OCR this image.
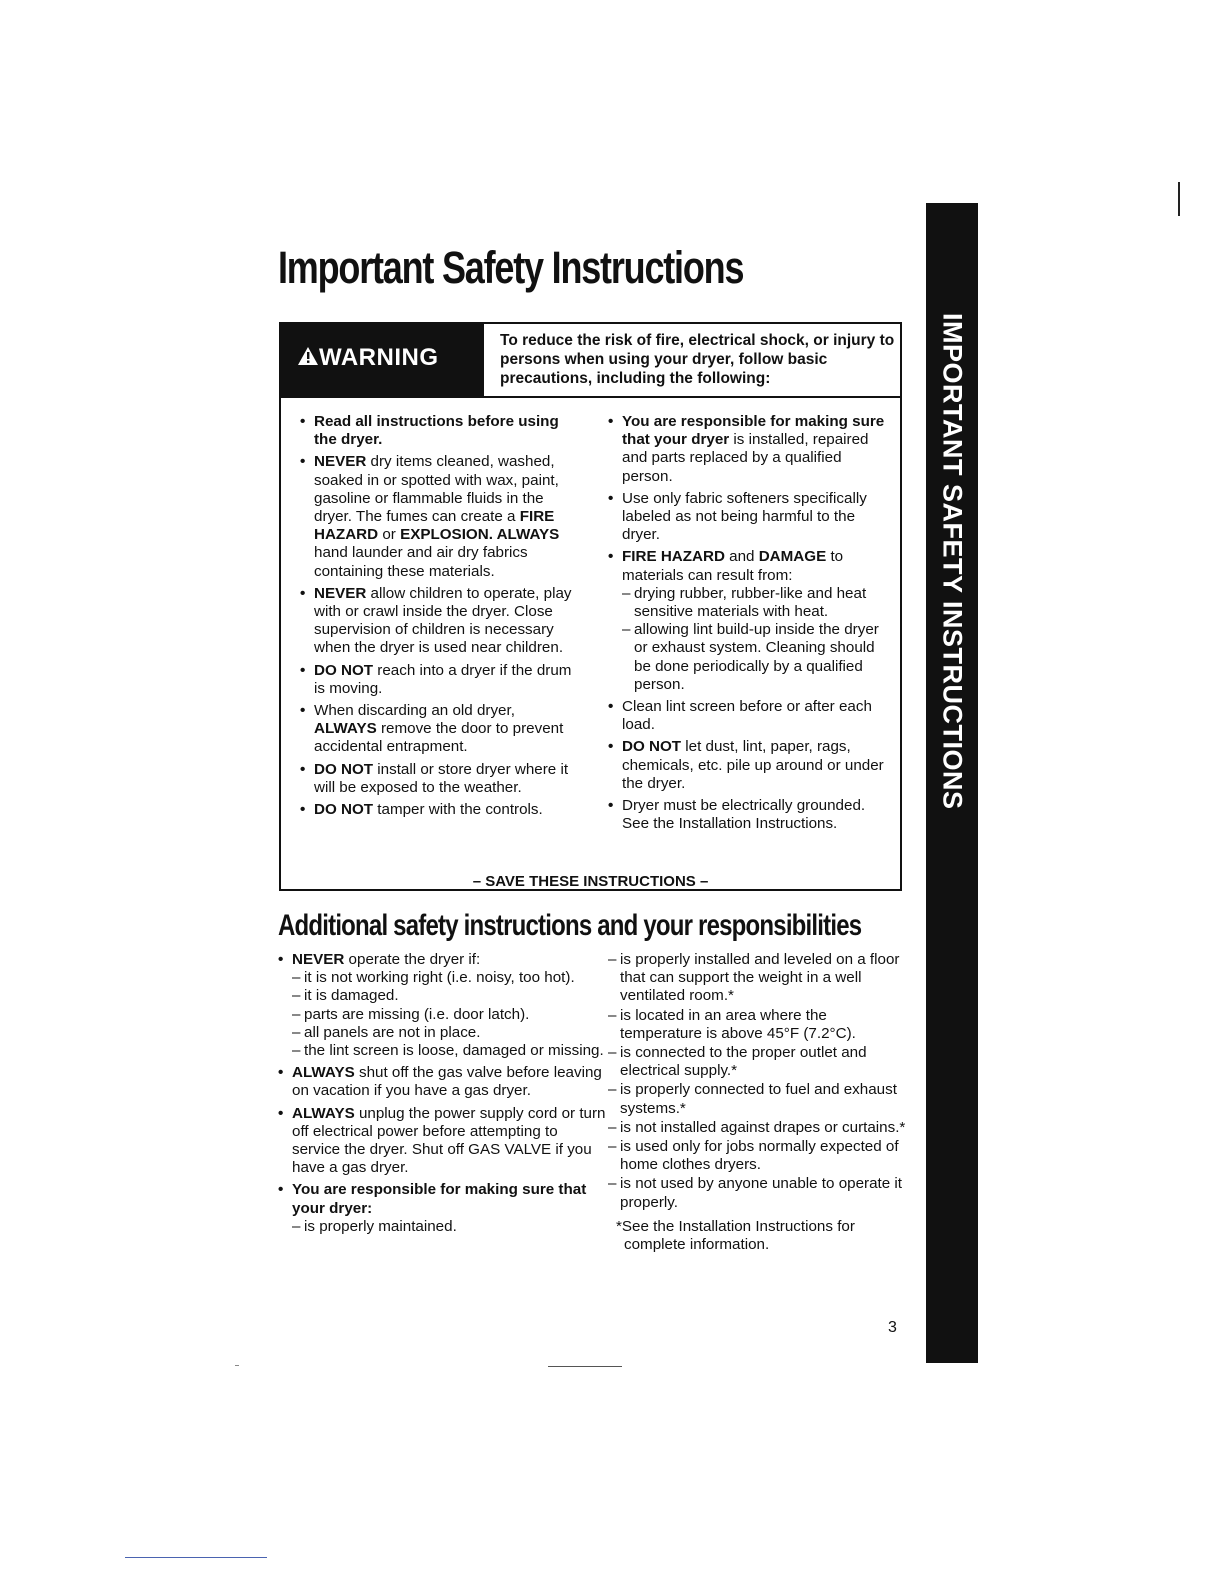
Important Safety Instructions
IMPORTANT SAFETY INSTRUCTIONS
WARNING

To reduce the risk of fire, electrical shock, or injury to persons when using your dryer, follow basic precautions, including the following:

• Read all instructions before using the dryer.
• NEVER dry items cleaned, washed, soaked in or spotted with wax, paint, gasoline or flammable fluids in the dryer. The fumes can create a FIRE HAZARD or EXPLOSION. ALWAYS hand launder and air dry fabrics containing these materials.
• NEVER allow children to operate, play with or crawl inside the dryer. Close supervision of children is necessary when the dryer is used near children.
• DO NOT reach into a dryer if the drum is moving.
• When discarding an old dryer, ALWAYS remove the door to prevent accidental entrapment.
• DO NOT install or store dryer where it will be exposed to the weather.
• DO NOT tamper with the controls.
• You are responsible for making sure that your dryer is installed, repaired and parts replaced by a qualified person.
• Use only fabric softeners specifically labeled as not being harmful to the dryer.
• FIRE HAZARD and DAMAGE to materials can result from:
– drying rubber, rubber-like and heat sensitive materials with heat.
– allowing lint build-up inside the dryer or exhaust system. Cleaning should be done periodically by a qualified person.
• Clean lint screen before or after each load.
• DO NOT let dust, lint, paper, rags, chemicals, etc. pile up around or under the dryer.
• Dryer must be electrically grounded. See the Installation Instructions.

– SAVE THESE INSTRUCTIONS –

Additional safety instructions and your responsibilities
• NEVER operate the dryer if:
– it is not working right (i.e. noisy, too hot).
– it is damaged.
– parts are missing (i.e. door latch).
– all panels are not in place.
– the lint screen is loose, damaged or missing.
• ALWAYS shut off the gas valve before leaving on vacation if you have a gas dryer.
• ALWAYS unplug the power supply cord or turn off electrical power before attempting to service the dryer. Shut off GAS VALVE if you have a gas dryer.
• You are responsible for making sure that your dryer:
– is properly maintained.
– is properly installed and leveled on a floor that can support the weight in a well ventilated room.*
– is located in an area where the temperature is above 45°F (7.2°C).
– is connected to the proper outlet and electrical supply.*
– is properly connected to fuel and exhaust systems.*
– is not installed against drapes or curtains.*
– is used only for jobs normally expected of home clothes dryers.
– is not used by anyone unable to operate it properly.

*See the Installation Instructions for complete information.

3
